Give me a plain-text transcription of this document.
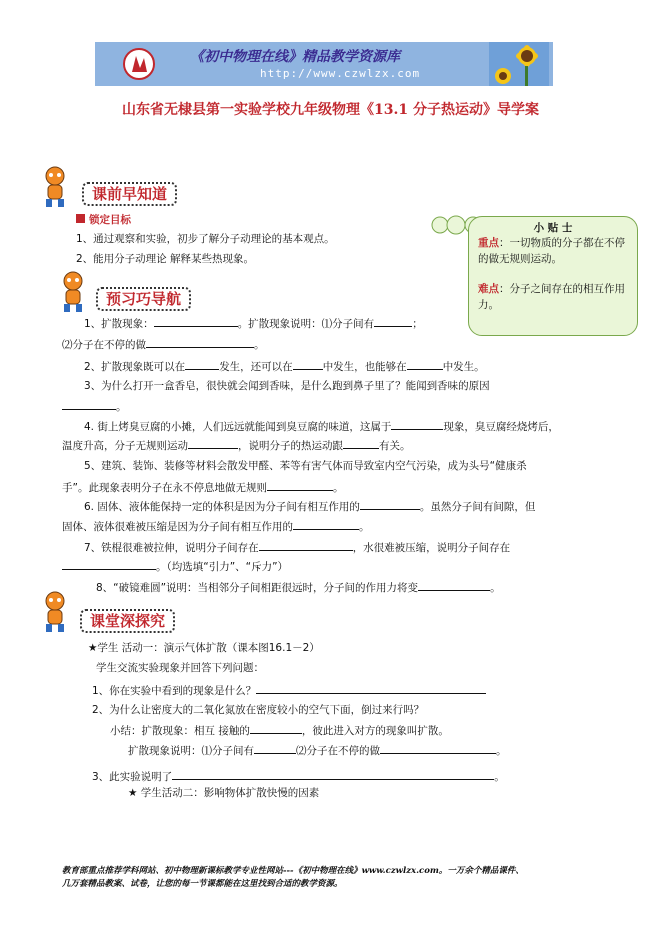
《初中物理在线》精品教学资源库
http://www.czwlzx.com
山东省无棣县第一实验学校九年级物理《13.1 分子热运动》导学案
课前早知道
锁定目标
1、通过观察和实验，初步了解分子动理论的基本观点。
2、能用分子动理论 解释某些热现象。
小 贴 士
重点：一切物质的分子都在不停的做无规则运动。
难点：分子之间存在的相互作用力。
预习巧导航
1、扩散现象：	。扩散现象说明：⑴分子间有	；
⑵分子在不停的做	。
2、扩散现象既可以在	发生，还可以在	中发生，也能够在	中发生。
3、为什么打开一盒香皂，很快就会闻到香味，是什么跑到鼻子里了？能闻到香味的原因
。
4. 街上烤臭豆腐的小摊，人们远远就能闻到臭豆腐的味道，这属于	现象，臭豆腐经烧烤后，
温度升高，分子无规则运动	，说明分子的热运动跟	有关。
5、建筑、装饰、装修等材料会散发甲醛、苯等有害气体而导致室内空气污染，成为头号“健康杀
手”。此现象表明分子在永不停息地做无规则	。
6. 固体、液体能保持一定的体积是因为分子间有相互作用的	。虽然分子间有间隙，但
固体、液体很难被压缩是因为分子间有相互作用的	。
7、铁棍很难被拉伸，说明分子间存在	，水很难被压缩，说明分子间存在
。（均选填“引力”、“斥力”）
8、“破镜难圆”说明：当相邻分子间相距很远时，分子间的作用力将变	。
课堂深探究
★学生 活动一：演示气体扩散（课本图16.1－2）
学生交流实验现象并回答下列问题：
1、你在实验中看到的现象是什么？
2、为什么让密度大的二氧化氮放在密度较小的空气下面，倒过来行吗？
小结：扩散现象：相互 接触的	，彼此进入对方的现象叫扩散。
扩散现象说明：⑴分子间有	⑵分子在不停的做	。
3、此实验说明了	。
★ 学生活动二：影响物体扩散快慢的因素
教育部重点推荐学科网站、初中物理新课标教学专业性网站---《初中物理在线》www.czwlzx.com。一万余个精品课件、
几万套精品教案、试卷，让您的每一节课都能在这里找到合适的教学资源。
